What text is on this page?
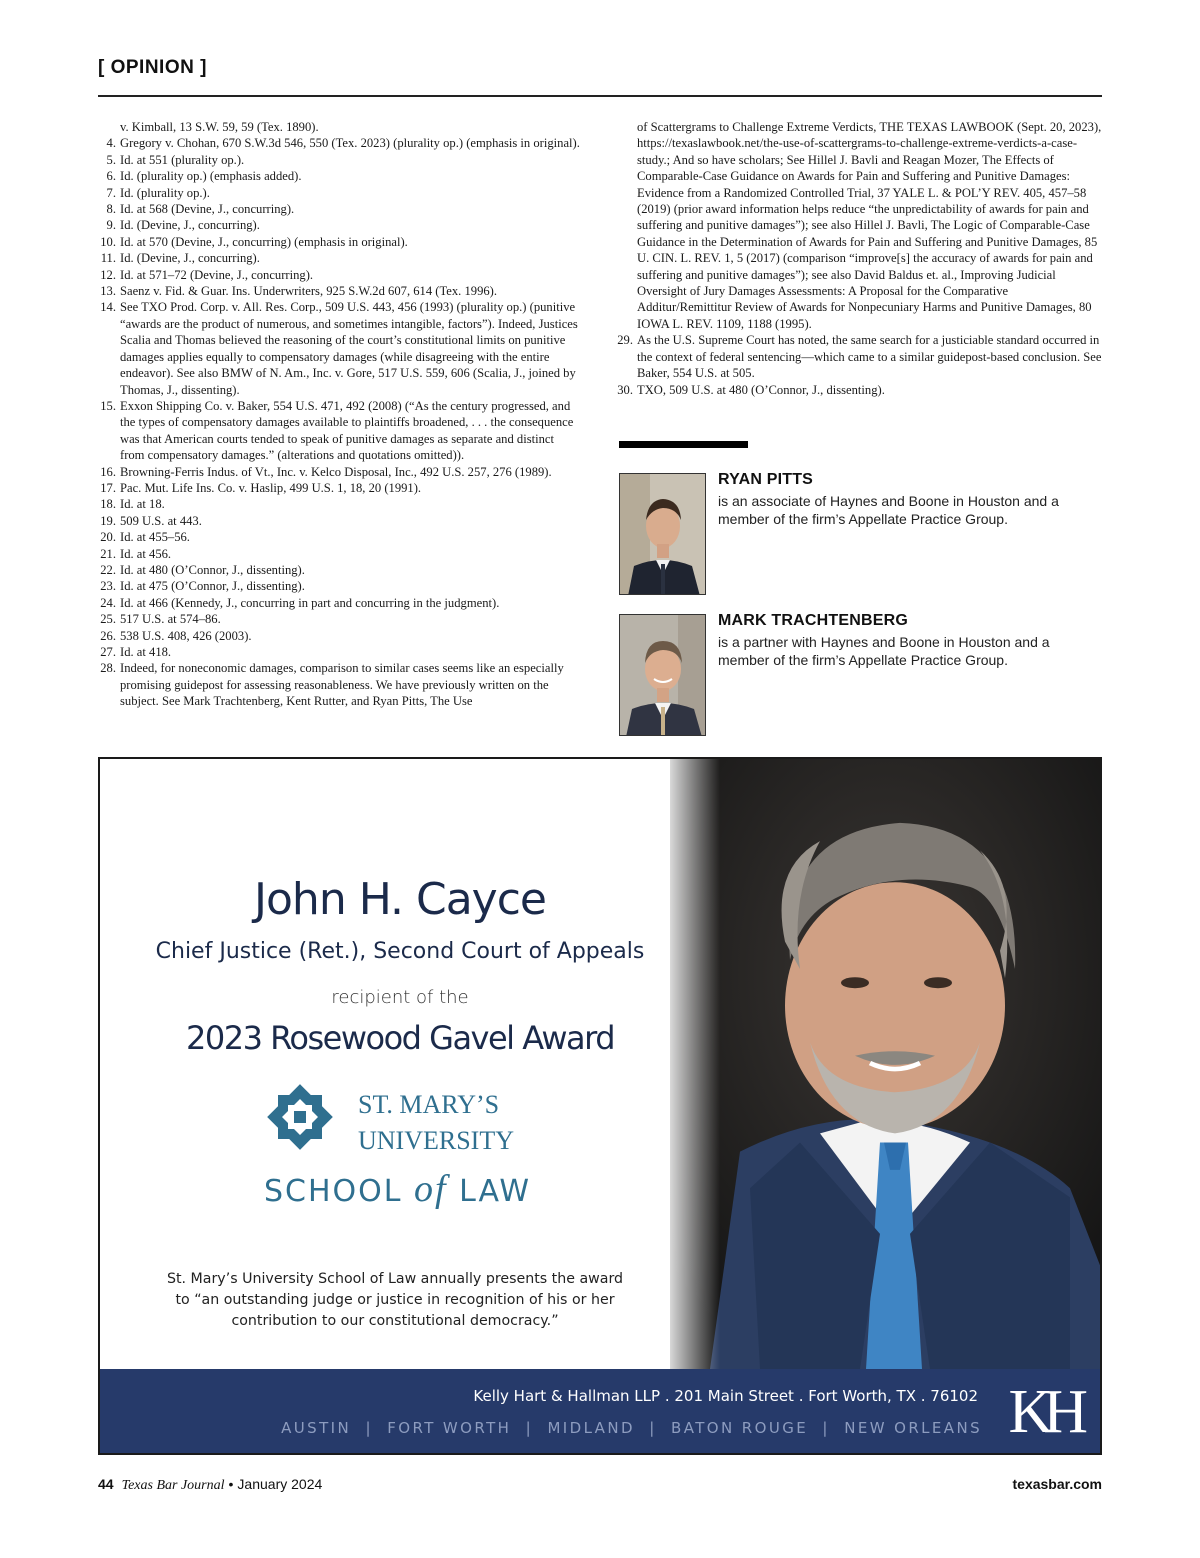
[ OPINION ]
v. Kimball, 13 S.W. 59, 59 (Tex. 1890).
4. Gregory v. Chohan, 670 S.W.3d 546, 550 (Tex. 2023) (plurality op.) (emphasis in original).
5. Id. at 551 (plurality op.).
6. Id. (plurality op.) (emphasis added).
7. Id. (plurality op.).
8. Id. at 568 (Devine, J., concurring).
9. Id. (Devine, J., concurring).
10. Id. at 570 (Devine, J., concurring) (emphasis in original).
11. Id. (Devine, J., concurring).
12. Id. at 571–72 (Devine, J., concurring).
13. Saenz v. Fid. & Guar. Ins. Underwriters, 925 S.W.2d 607, 614 (Tex. 1996).
14. See TXO Prod. Corp. v. All. Res. Corp., 509 U.S. 443, 456 (1993) (plurality op.) (punitive “awards are the product of numerous, and sometimes intangible, factors”). Indeed, Justices Scalia and Thomas believed the reasoning of the court’s constitutional limits on punitive damages applies equally to compensatory damages (while disagreeing with the entire endeavor). See also BMW of N. Am., Inc. v. Gore, 517 U.S. 559, 606 (Scalia, J., joined by Thomas, J., dissenting).
15. Exxon Shipping Co. v. Baker, 554 U.S. 471, 492 (2008) (“As the century progressed, and the types of compensatory damages available to plaintiffs broadened, . . . the consequence was that American courts tended to speak of punitive damages as separate and distinct from compensatory damages.” (alterations and quotations omitted)).
16. Browning-Ferris Indus. of Vt., Inc. v. Kelco Disposal, Inc., 492 U.S. 257, 276 (1989).
17. Pac. Mut. Life Ins. Co. v. Haslip, 499 U.S. 1, 18, 20 (1991).
18. Id. at 18.
19. 509 U.S. at 443.
20. Id. at 455–56.
21. Id. at 456.
22. Id. at 480 (O’Connor, J., dissenting).
23. Id. at 475 (O’Connor, J., dissenting).
24. Id. at 466 (Kennedy, J., concurring in part and concurring in the judgment).
25. 517 U.S. at 574–86.
26. 538 U.S. 408, 426 (2003).
27. Id. at 418.
28. Indeed, for noneconomic damages, comparison to similar cases seems like an especially promising guidepost for assessing reasonableness. We have previously written on the subject. See Mark Trachtenberg, Kent Rutter, and Ryan Pitts, The Use
of Scattergrams to Challenge Extreme Verdicts, THE TEXAS LAWBOOK (Sept. 20, 2023), https://texaslawbook.net/the-use-of-scattergrams-to-challenge-extreme-verdicts-a-case-study.; And so have scholars; See Hillel J. Bavli and Reagan Mozer, The Effects of Comparable-Case Guidance on Awards for Pain and Suffering and Punitive Damages: Evidence from a Randomized Controlled Trial, 37 YALE L. & POL’Y REV. 405, 457–58 (2019) (prior award information helps reduce “the unpredictability of awards for pain and suffering and punitive damages”); see also Hillel J. Bavli, The Logic of Comparable-Case Guidance in the Determination of Awards for Pain and Suffering and Punitive Damages, 85 U. CIN. L. REV. 1, 5 (2017) (comparison “improve[s] the accuracy of awards for pain and suffering and punitive damages”); see also David Baldus et. al., Improving Judicial Oversight of Jury Damages Assessments: A Proposal for the Comparative Additur/Remittitur Review of Awards for Nonpecuniary Harms and Punitive Damages, 80 IOWA L. REV. 1109, 1188 (1995).
29. As the U.S. Supreme Court has noted, the same search for a justiciable standard occurred in the context of federal sentencing—which came to a similar guidepost-based conclusion. See Baker, 554 U.S. at 505.
30. TXO, 509 U.S. at 480 (O’Connor, J., dissenting).
RYAN PITTS
is an associate of Haynes and Boone in Houston and a member of the firm’s Appellate Practice Group.
MARK TRACHTENBERG
is a partner with Haynes and Boone in Houston and a member of the firm’s Appellate Practice Group.
John H. Cayce
Chief Justice (Ret.), Second Court of Appeals
recipient of the
2023 Rosewood Gavel Award
ST. MARY’S
UNIVERSITY
SCHOOL of LAW
St. Mary’s University School of Law annually presents the award to “an outstanding judge or justice in recognition of his or her contribution to our constitutional democracy.”
Kelly Hart & Hallman LLP . 201 Main Street . Fort Worth, TX . 76102
AUSTIN  |  FORT WORTH  |  MIDLAND  |  BATON ROUGE  |  NEW ORLEANS KH
44 Texas Bar Journal • January 2024	texasbar.com
